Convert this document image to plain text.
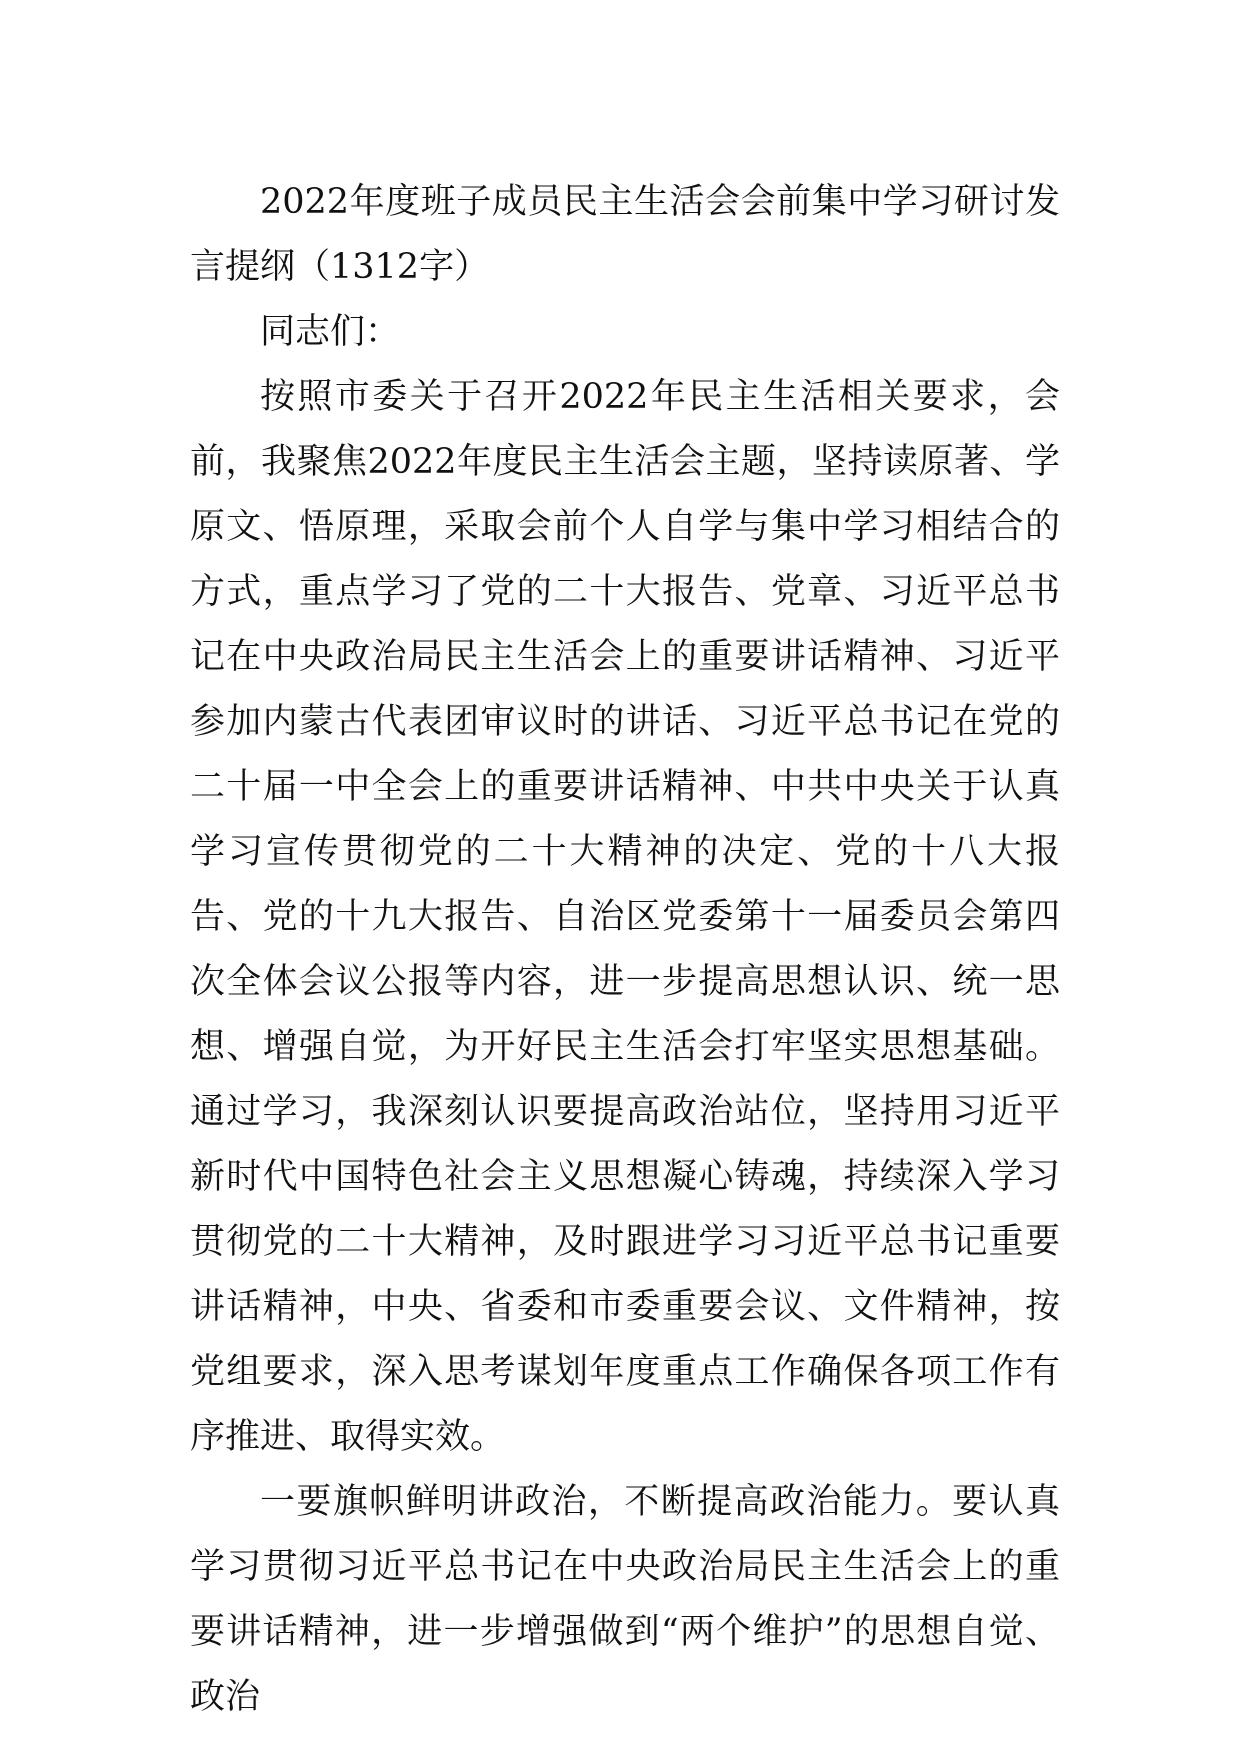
2022年度班子成员民主生活会会前集中学习研讨发言提纲（1312字）

同志们：

按照市委关于召开2022年民主生活相关要求，会前，我聚焦2022年度民主生活会主题，坚持读原著、学原文、悟原理，采取会前个人自学与集中学习相结合的方式，重点学习了党的二十大报告、党章、习近平总书记在中央政治局民主生活会上的重要讲话精神、习近平参加内蒙古代表团审议时的讲话、习近平总书记在党的二十届一中全会上的重要讲话精神、中共中央关于认真学习宣传贯彻党的二十大精神的决定、党的十八大报告、党的十九大报告、自治区党委第十一届委员会第四次全体会议公报等内容，进一步提高思想认识、统一思想、增强自觉，为开好民主生活会打牢坚实思想基础。通过学习，我深刻认识要提高政治站位，坚持用习近平新时代中国特色社会主义思想凝心铸魂，持续深入学习贯彻党的二十大精神，及时跟进学习习近平总书记重要讲话精神，中央、省委和市委重要会议、文件精神，按党组要求，深入思考谋划年度重点工作确保各项工作有序推进、取得实效。

一要旗帜鲜明讲政治，不断提高政治能力。要认真学习贯彻习近平总书记在中央政治局民主生活会上的重要讲话精神，进一步增强做到“两个维护”的思想自觉、政治
